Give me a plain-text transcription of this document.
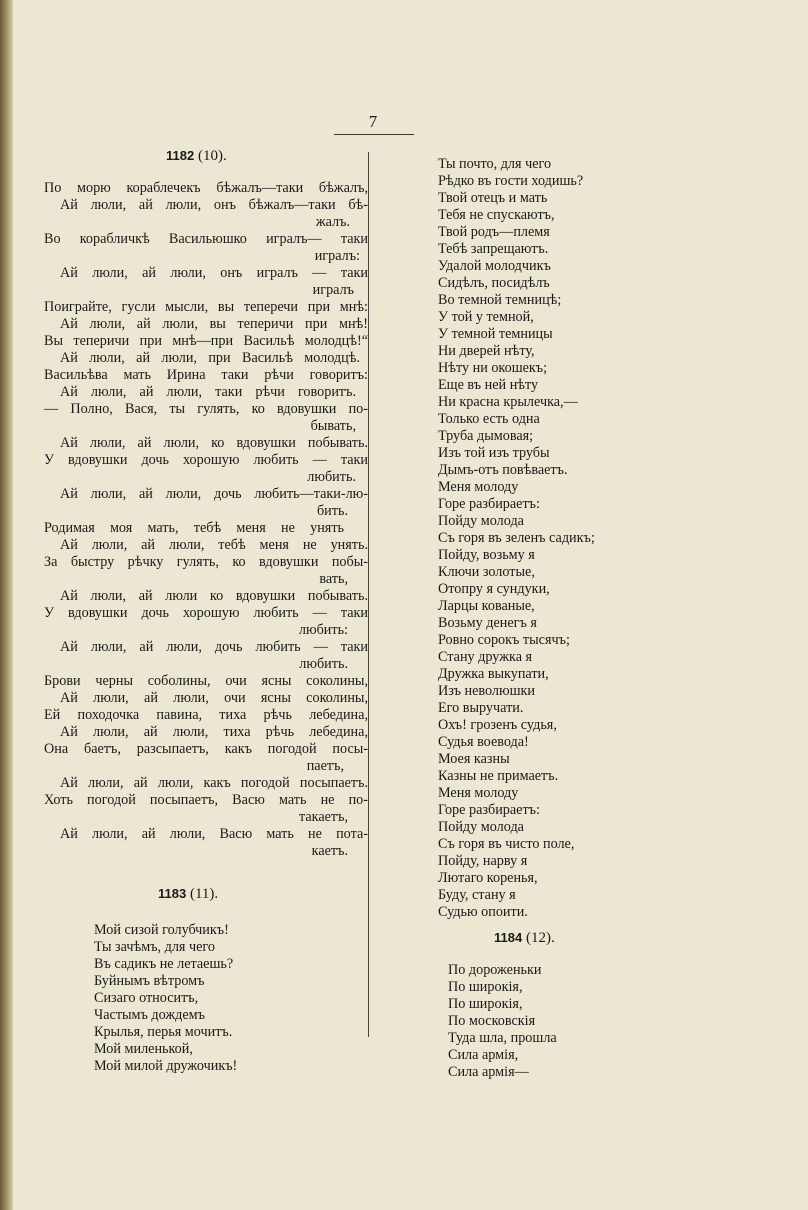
7
1182 (10).
По морю кораблечекъ бѣжалъ—таки бѣжалъ,
Ай люли, ай люли, онъ бѣжалъ—таки бѣ-
жалъ.
Во корабличкѣ Васильюшко игралъ— таки
игралъ:
Ай люли, ай люли, онъ игралъ — таки
игралъ
Поиграйте, гусли мысли, вы теперечи при мнѣ:
Ай люли, ай люли, вы теперичи при мнѣ!
Вы теперичи при мнѣ—при Васильѣ молодцѣ!“
Ай люли, ай люли, при Васильѣ молодцѣ.
Васильѣва мать Ирина таки рѣчи говоритъ:
Ай люли, ай люли, таки рѣчи говоритъ.
— Полно, Вася, ты гулять, ко вдовушки по-
бывать,
Ай люли, ай люли, ко вдовушки побывать.
У вдовушки дочь хорошую любить — таки
любить.
Ай люли, ай люли, дочь любить—таки-лю-
бить.
Родимая моя мать, тебѣ меня не унять
Ай люли, ай люли, тебѣ меня не унять.
За быстру рѣчку гулять, ко вдовушки побы-
вать,
Ай люли, ай люли ко вдовушки побывать.
У вдовушки дочь хорошую любить — таки
любить:
Ай люли, ай люли, дочь любить — таки
любить.
Брови черны соболины, очи ясны соколины,
Ай люли, ай люли, очи ясны соколины,
Ей походочка павина, тиха рѣчь лебедина,
Ай люли, ай люли, тиха рѣчь лебедина,
Она баетъ, разсыпаетъ, какъ погодой посы-
паетъ,
Ай люли, ай люли, какъ погодой посыпаетъ.
Хоть погодой посыпаетъ, Васю мать не по-
такаетъ,
Ай люли, ай люли, Васю мать не пота-
каетъ.
1183 (11).
Мой сизой голубчикъ!
Ты зачѣмъ, для чего
Въ садикъ не летаешь?
Буйнымъ вѣтромъ
Сизаго относитъ,
Частымъ дождемъ
Крылья, перья мочитъ.
Мой миленькой,
Мой милой дружочикъ!
Ты почто, для чего
Рѣдко въ гости ходишь?
Твой отецъ и мать
Тебя не спускаютъ,
Твой родъ—племя
Тебѣ запрещаютъ.
Удалой молодчикъ
Сидѣлъ, посидѣлъ
Во темной темницѣ;
У той у темной,
У темной темницы
Ни дверей нѣту,
Нѣту ни окошекъ;
Еще въ ней нѣту
Ни красна крылечка,—
Только есть одна
Труба дымовая;
Изъ той изъ трубы
Дымъ-отъ повѣваетъ.
Меня молоду
Горе разбираетъ:
Пойду молода
Съ горя въ зеленъ садикъ;
Пойду, возьму я
Ключи золотые,
Отопру я сундуки,
Ларцы кованые,
Возьму денегъ я
Ровно сорокъ тысячъ;
Стану дружка я
Дружка выкупати,
Изъ неволюшки
Его выручати.
Охъ! грозенъ судья,
Судья воевода!
Моея казны
Казны не примаетъ.
Меня молоду
Горе разбираетъ:
Пойду молода
Съ горя въ чисто поле,
Пойду, нарву я
Лютаго коренья,
Буду, стану я
Судью опоити.
1184 (12).
По дороженьки
По широкія,
По широкія,
По московскія
Туда шла, прошла
Сила армія,
Сила армія—
